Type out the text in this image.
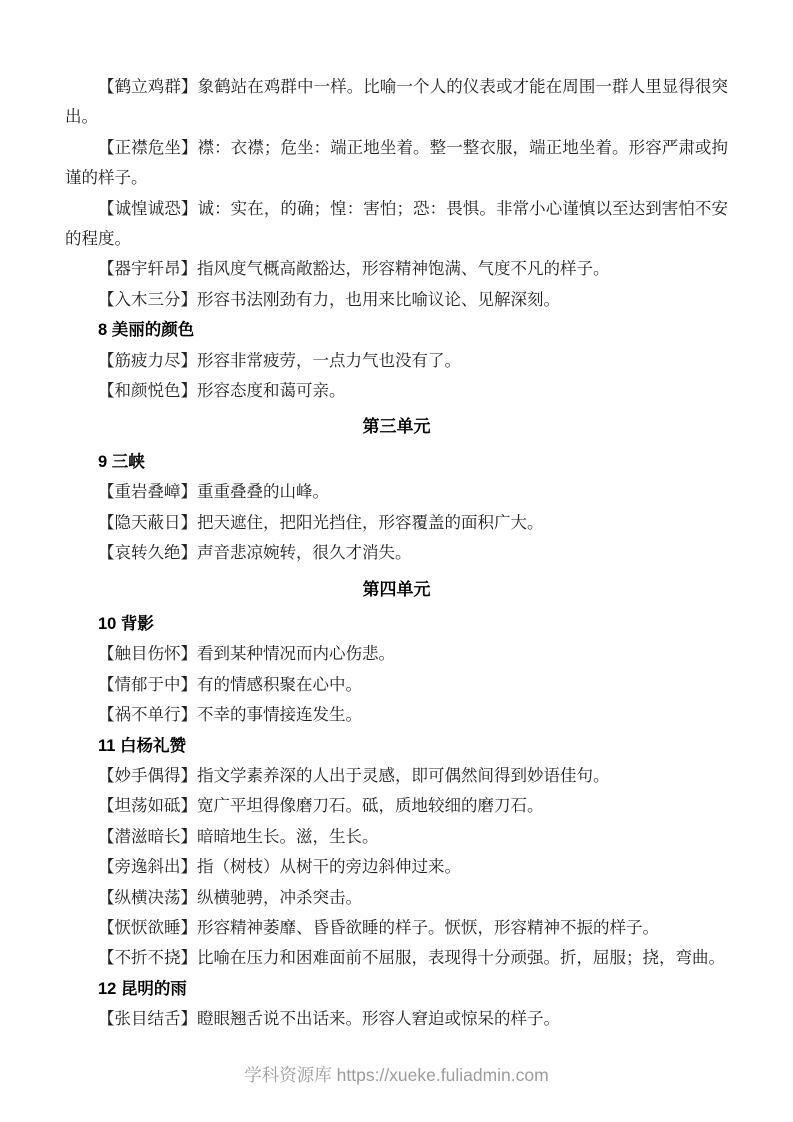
【鹤立鸡群】象鹤站在鸡群中一样。比喻一个人的仪表或才能在周围一群人里显得很突出。

【正襟危坐】襟：衣襟；危坐：端正地坐着。整一整衣服，端正地坐着。形容严肃或拘谨的样子。

【诚惶诚恐】诚：实在，的确；惶：害怕；恐：畏惧。非常小心谨慎以至达到害怕不安的程度。

【器宇轩昂】指风度气概高敞豁达，形容精神饱满、气度不凡的样子。

【入木三分】形容书法刚劲有力，也用来比喻议论、见解深刻。

8 美丽的颜色

【筋疲力尽】形容非常疲劳，一点力气也没有了。

【和颜悦色】形容态度和蔼可亲。

第三单元
9 三峡

【重岩叠嶂】重重叠叠的山峰。

【隐天蔽日】把天遮住，把阳光挡住，形容覆盖的面积广大。

【哀转久绝】声音悲凉婉转，很久才消失。

第四单元
10 背影

【触目伤怀】看到某种情况而内心伤悲。

【情郁于中】有的情感积聚在心中。

【祸不单行】不幸的事情接连发生。

11 白杨礼赞

【妙手偶得】指文学素养深的人出于灵感，即可偶然间得到妙语佳句。

【坦荡如砥】宽广平坦得像磨刀石。砥，质地较细的磨刀石。

【潜滋暗长】暗暗地生长。滋，生长。

【旁逸斜出】指（树枝）从树干的旁边斜伸过来。

【纵横决荡】纵横驰骋，冲杀突击。

【恹恹欲睡】形容精神萎靡、昏昏欲睡的样子。恹恹，形容精神不振的样子。

【不折不挠】比喻在压力和困难面前不屈服，表现得十分顽强。折，屈服；挠，弯曲。

12 昆明的雨

【张目结舌】瞪眼翘舌说不出话来。形容人窘迫或惊呆的样子。

学科资源库 https://xueke.fuliadmin.com
